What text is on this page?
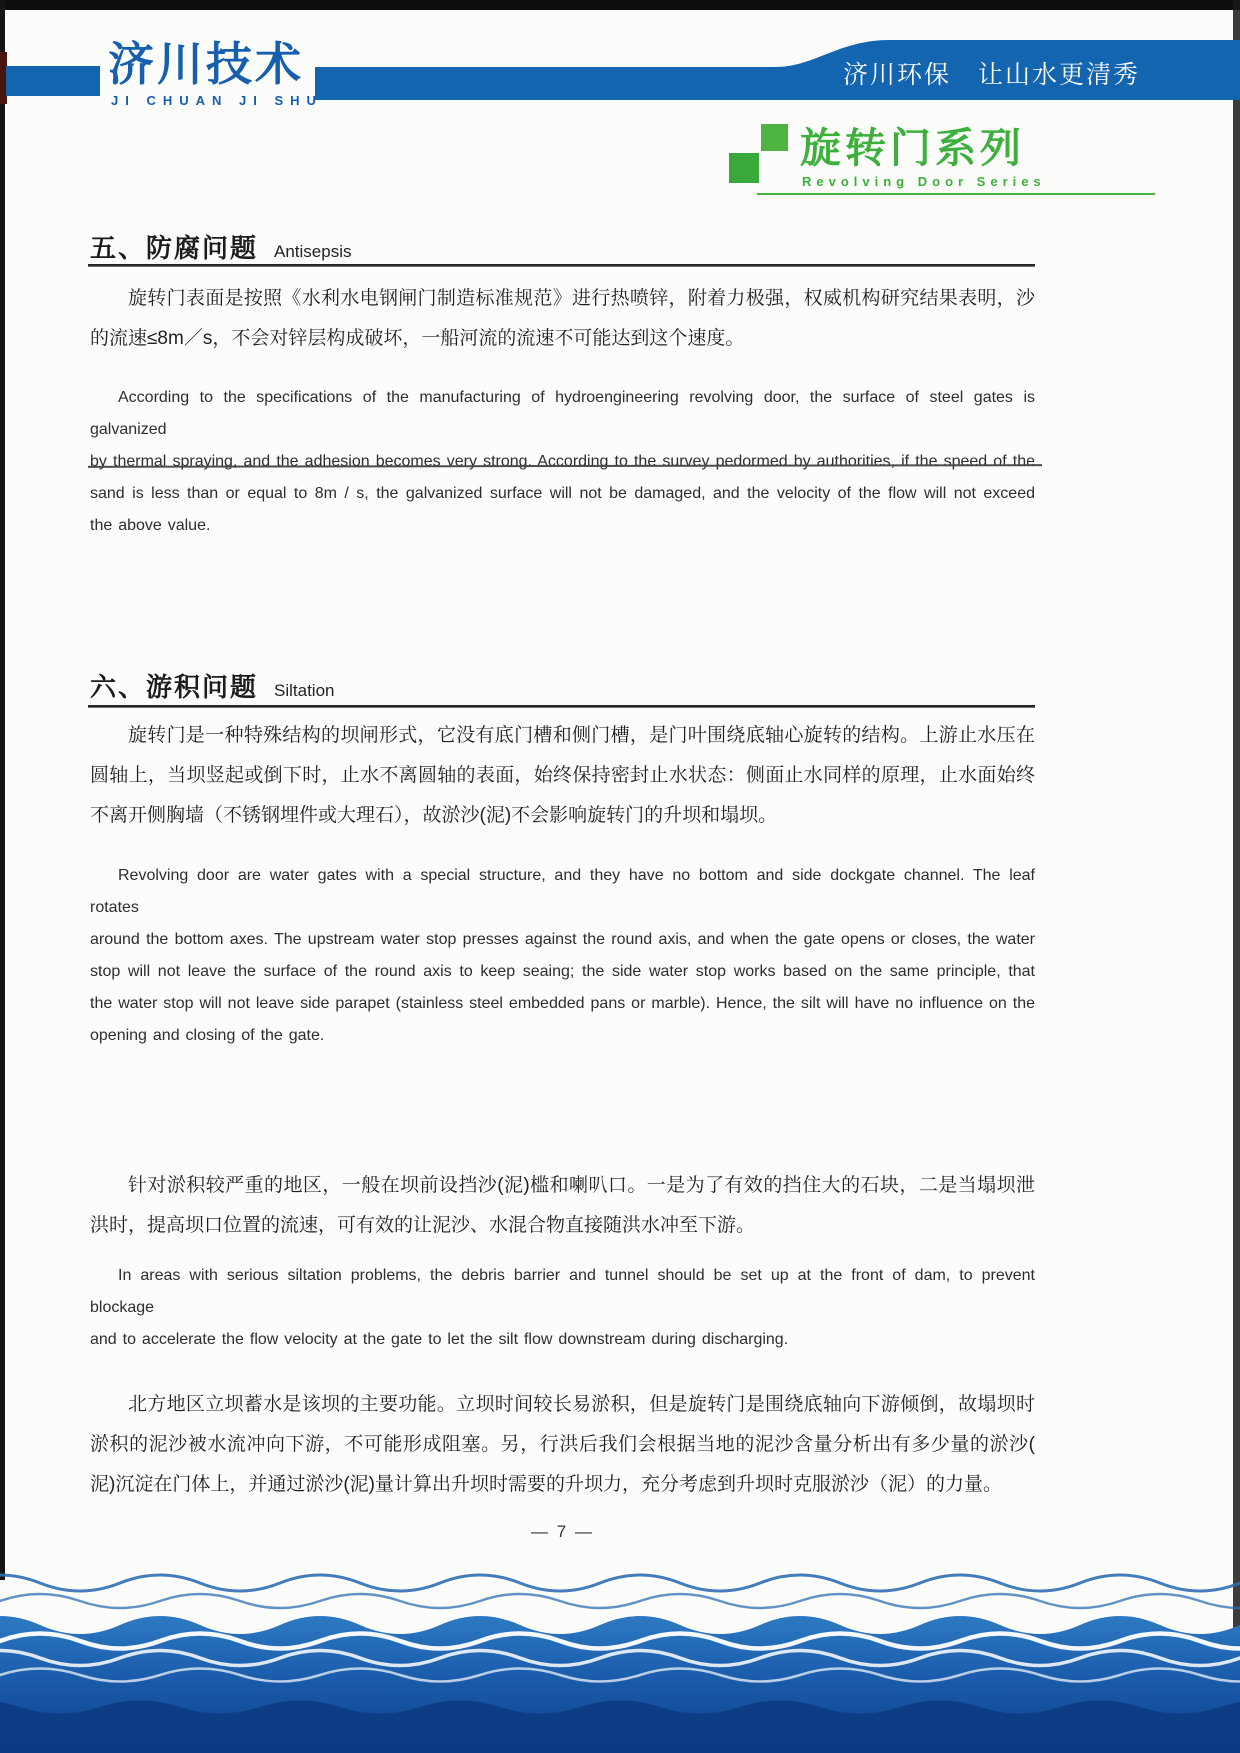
济川技术
JI CHUAN JI SHU
济川环保　让山水更清秀
旋转门系列
Revolving Door Series
五、防腐问题 Antisepsis
旋转门表面是按照《水利水电钢闸门制造标准规范》进行热喷锌，附着力极强，权威机构研究结果表明，沙
的流速≤8m／s，不会对锌层构成破坏，一船河流的流速不可能达到这个速度。
According to the specifications of the manufacturing of hydroengineering revolving door, the surface of steel gates is galvanized
by thermal spraying, and the adhesion becomes very strong. According to the survey pedormed by authorities, if the speed of the
sand is less than or equal to 8m / s, the galvanized surface will not be damaged, and the velocity of the flow will not exceed
the above value.
六、游积问题 Siltation
旋转门是一种特殊结构的坝闸形式，它没有底门槽和侧门槽，是门叶围绕底轴心旋转的结构。上游止水压在
圆轴上，当坝竖起或倒下时，止水不离圆轴的表面，始终保持密封止水状态：侧面止水同样的原理，止水面始终
不离开侧胸墙（不锈钢埋件或大理石），故淤沙(泥)不会影响旋转门的升坝和塌坝。
Revolving door are water gates with a special structure, and they have no bottom and side dockgate channel. The leaf rotates
around the bottom axes. The upstream water stop presses against the round axis, and when the gate opens or closes, the water
stop will not leave the surface of the round axis to keep seaing; the side water stop works based on the same principle, that
the water stop will not leave side parapet (stainless steel embedded pans or marble). Hence, the silt will have no influence on the
opening and closing of the gate.
针对淤积较严重的地区，一般在坝前设挡沙(泥)槛和喇叭口。一是为了有效的挡住大的石块，二是当塌坝泄
洪时，提高坝口位置的流速，可有效的让泥沙、水混合物直接随洪水冲至下游。
In areas with serious siltation problems, the debris barrier and tunnel should be set up at the front of dam, to prevent blockage
and to accelerate the flow velocity at the gate to let the silt flow downstream during discharging.
北方地区立坝蓄水是该坝的主要功能。立坝时间较长易淤积，但是旋转门是围绕底轴向下游倾倒，故塌坝时
淤积的泥沙被水流冲向下游，不可能形成阻塞。另，行洪后我们会根据当地的泥沙含量分析出有多少量的淤沙(
泥)沉淀在门体上，并通过淤沙(泥)量计算出升坝时需要的升坝力，充分考虑到升坝时克服淤沙（泥）的力量。
— 7 —
